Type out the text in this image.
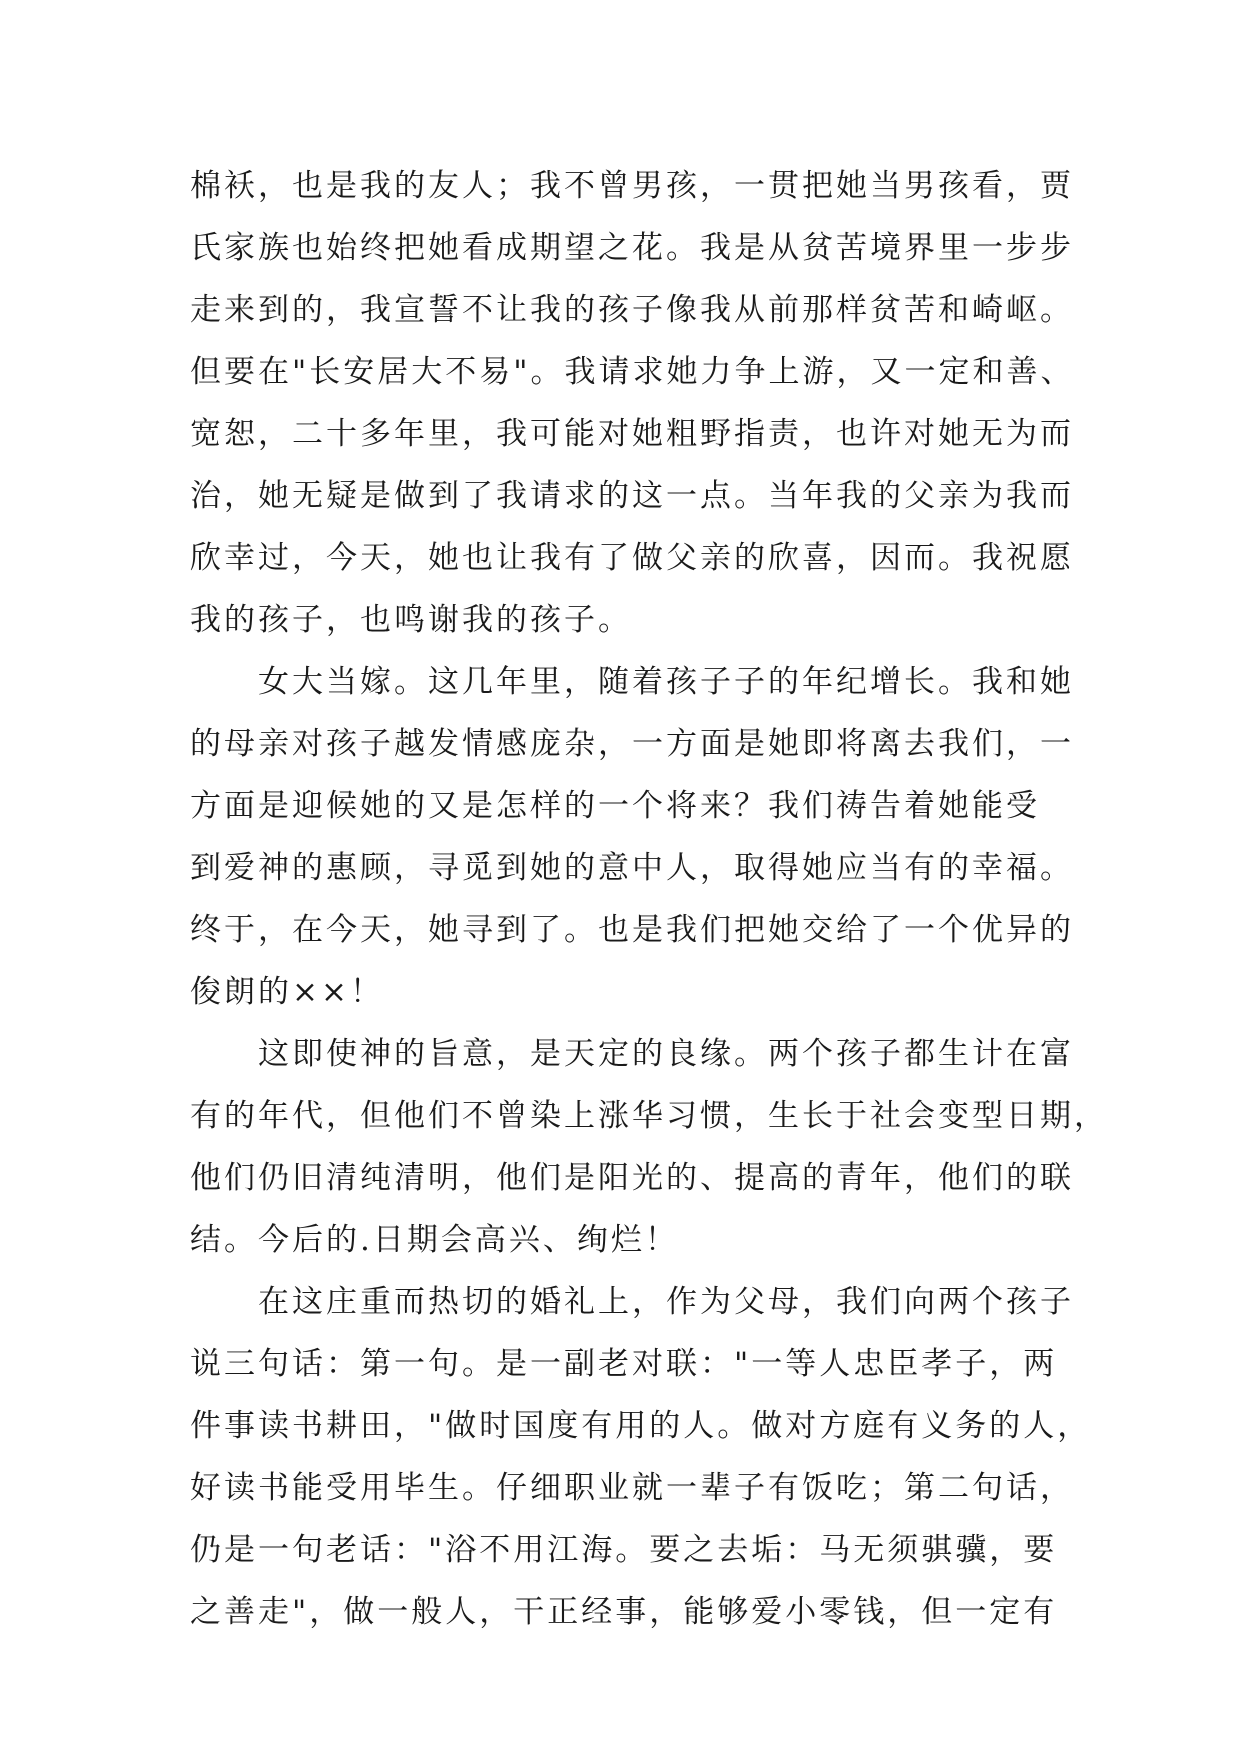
棉袄，也是我的友人；我不曾男孩，一贯把她当男孩看，贾
氏家族也始终把她看成期望之花。我是从贫苦境界里一步步
走来到的，我宣誓不让我的孩子像我从前那样贫苦和崎岖。
但要在"长安居大不易"。我请求她力争上游，又一定和善、
宽恕，二十多年里，我可能对她粗野指责，也许对她无为而
治，她无疑是做到了我请求的这一点。当年我的父亲为我而
欣幸过，今天，她也让我有了做父亲的欣喜，因而。我祝愿
我的孩子，也鸣谢我的孩子。
女大当嫁。这几年里，随着孩子子的年纪增长。我和她
的母亲对孩子越发情感庞杂，一方面是她即将离去我们，一
方面是迎候她的又是怎样的一个将来？我们祷告着她能受
到爱神的惠顾，寻觅到她的意中人，取得她应当有的幸福。
终于，在今天，她寻到了。也是我们把她交给了一个优异的
俊朗的××！
这即使神的旨意，是天定的良缘。两个孩子都生计在富
有的年代，但他们不曾染上涨华习惯，生长于社会变型日期，
他们仍旧清纯清明，他们是阳光的、提高的青年，他们的联
结。今后的.日期会高兴、绚烂！
在这庄重而热切的婚礼上，作为父母，我们向两个孩子
说三句话：第一句。是一副老对联："一等人忠臣孝子，两
件事读书耕田，"做时国度有用的人。做对方庭有义务的人，
好读书能受用毕生。仔细职业就一辈子有饭吃；第二句话，
仍是一句老话："浴不用江海。要之去垢：马无须骐骥，要
之善走"，做一般人，干正经事，能够爱小零钱，但一定有
